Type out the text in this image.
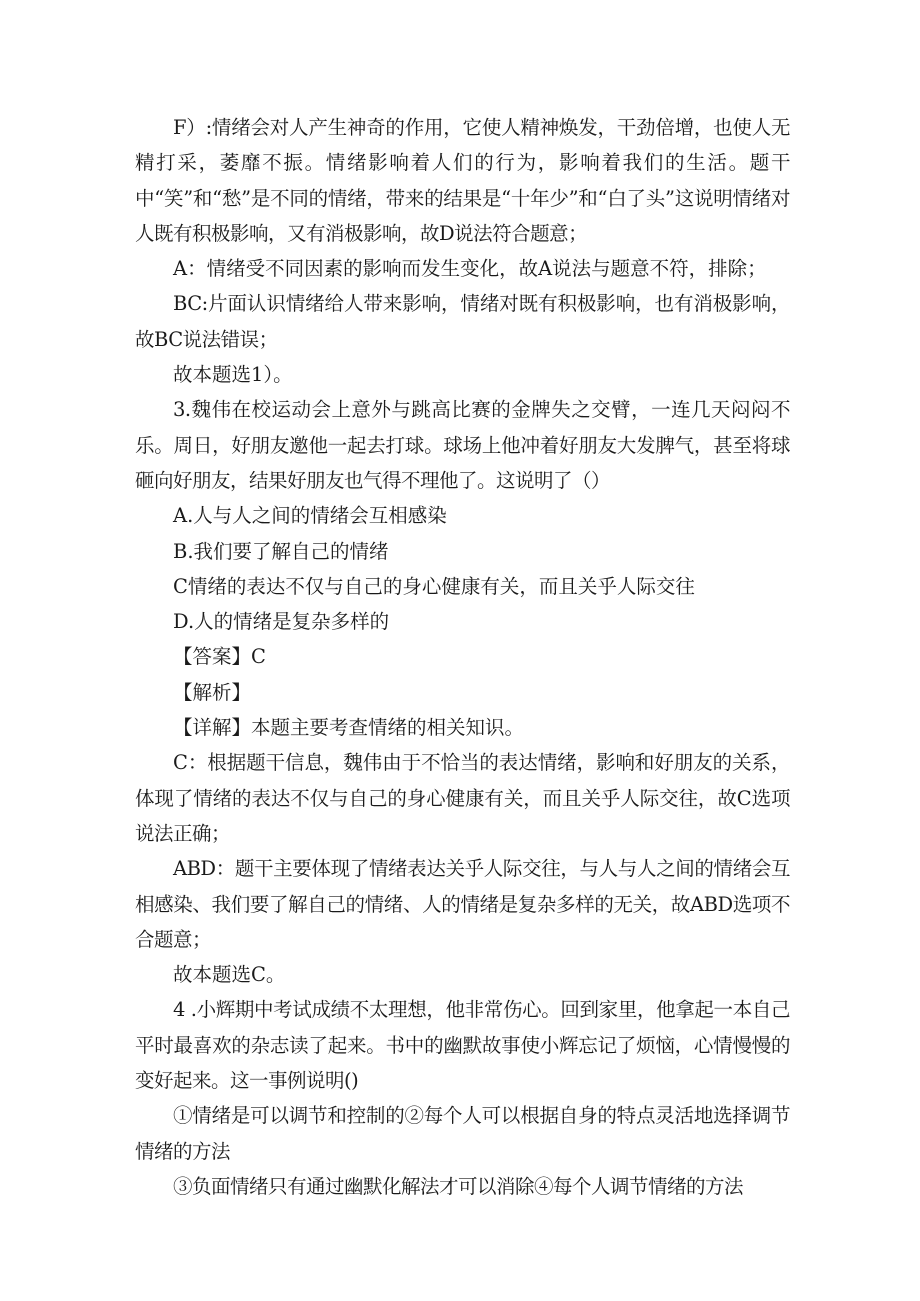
F）:情绪会对人产生神奇的作用，它使人精神焕发，干劲倍增，也使人无精打采，萎靡不振。情绪影响着人们的行为，影响着我们的生活。题干中“笑”和“愁”是不同的情绪，带来的结果是“十年少”和“白了头”这说明情绪对人既有积极影响，又有消极影响，故D说法符合题意；

A：情绪受不同因素的影响而发生变化，故A说法与题意不符，排除；

BC:片面认识情绪给人带来影响，情绪对既有积极影响，也有消极影响，故BC说法错误；

故本题选1）。

3.魏伟在校运动会上意外与跳高比赛的金牌失之交臂，一连几天闷闷不乐。周日，好朋友邀他一起去打球。球场上他冲着好朋友大发脾气，甚至将球砸向好朋友，结果好朋友也气得不理他了。这说明了（）

A.人与人之间的情绪会互相感染

B.我们要了解自己的情绪

C情绪的表达不仅与自己的身心健康有关，而且关乎人际交往

D.人的情绪是复杂多样的

【答案】C

【解析】

【详解】本题主要考查情绪的相关知识。

C：根据题干信息，魏伟由于不恰当的表达情绪，影响和好朋友的关系，体现了情绪的表达不仅与自己的身心健康有关，而且关乎人际交往，故C选项说法正确；

ABD：题干主要体现了情绪表达关乎人际交往，与人与人之间的情绪会互相感染、我们要了解自己的情绪、人的情绪是复杂多样的无关，故ABD选项不合题意；

故本题选C。

4 .小辉期中考试成绩不太理想，他非常伤心。回到家里，他拿起一本自己平时最喜欢的杂志读了起来。书中的幽默故事使小辉忘记了烦恼，心情慢慢的变好起来。这一事例说明()

①情绪是可以调节和控制的②每个人可以根据自身的特点灵活地选择调节情绪的方法

③负面情绪只有通过幽默化解法才可以消除④每个人调节情绪的方法
